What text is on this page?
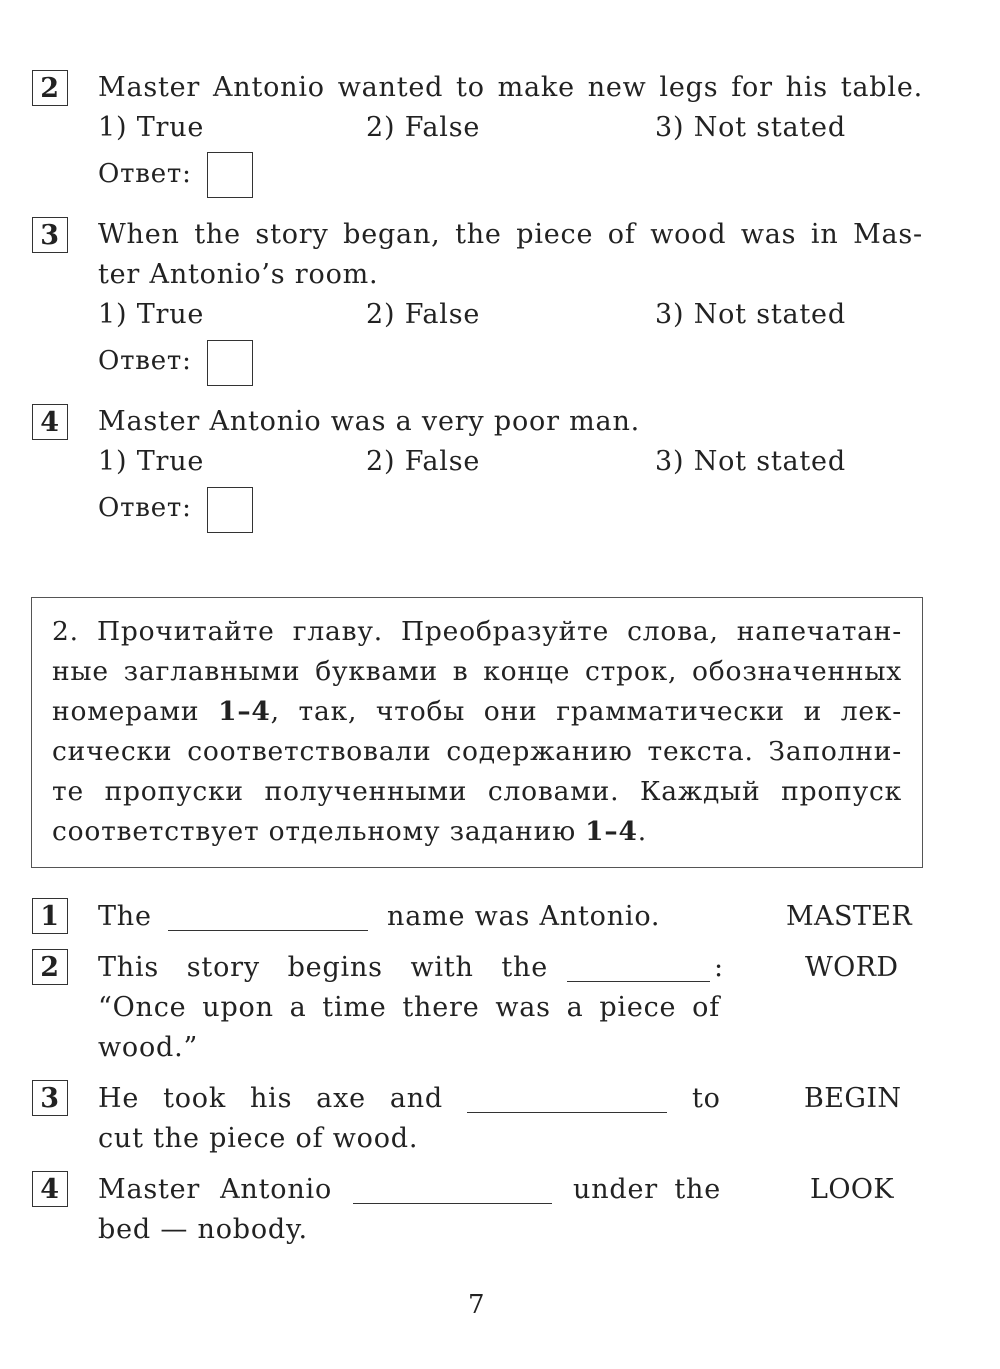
2 Master Antonio wanted to make new legs for his table.
1) True	2) False	3) Not stated
Ответ:
3 When the story began, the piece of wood was in Mas-
ter Antonio’s room.
1) True	2) False	3) Not stated
Ответ:
4 Master Antonio was a very poor man.
1) True	2) False	3) Not stated
Ответ:
2. Прочитайте главу. Преобразуйте слова, напечатан-
ные заглавными буквами в конце строк, обозначенных
номерами 1–4, так, чтобы они грамматически и лек-
сически соответствовали содержанию текста. Заполни-
те пропуски полученными словами. Каждый пропуск
соответствует отдельному заданию 1–4.
1 The	name was Antonio.	MASTER
2 This story begins with the	:
“Once upon a time there was a piece of
wood.”
WORD
3 He took his axe and	to
cut the piece of wood.
BEGIN
4 Master Antonio	under the
bed — nobody.
LOOK
7
